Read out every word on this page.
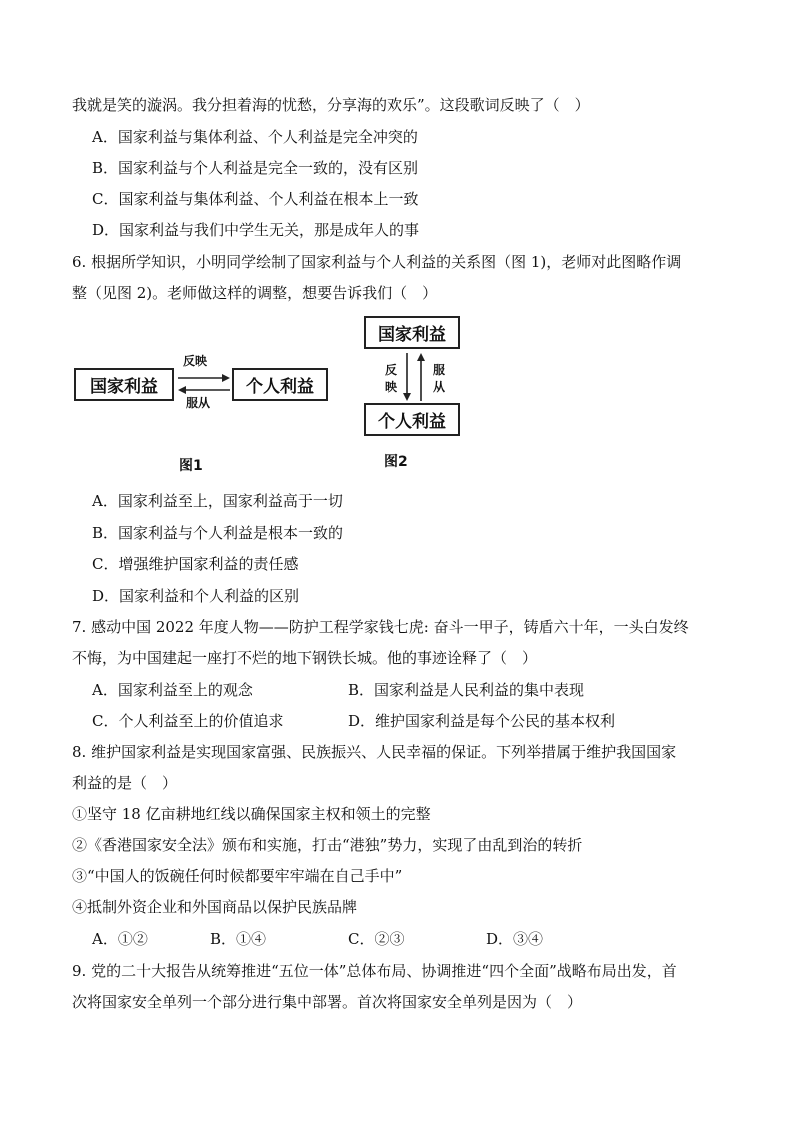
我就是笑的漩涡。我分担着海的忧愁，分享海的欢乐”。这段歌词反映了（　）
A．国家利益与集体利益、个人利益是完全冲突的
B．国家利益与个人利益是完全一致的，没有区别
C．国家利益与集体利益、个人利益在根本上一致
D．国家利益与我们中学生无关，那是成年人的事
6. 根据所学知识，小明同学绘制了国家利益与个人利益的关系图（图 1)，老师对此图略作调
整（见图 2)。老师做这样的调整，想要告诉我们（　）
国家利益	个人利益
反映
服从
图1
国家利益
个人利益
反
映
服
从
图2
A．国家利益至上，国家利益高于一切
B．国家利益与个人利益是根本一致的
C．增强维护国家利益的责任感
D．国家利益和个人利益的区别
7. 感动中国 2022 年度人物——防护工程学家钱七虎: 奋斗一甲子，铸盾六十年，一头白发终
不悔，为中国建起一座打不烂的地下钢铁长城。他的事迹诠释了（　）
A．国家利益至上的观念	B．国家利益是人民利益的集中表现
C．个人利益至上的价值追求	D．维护国家利益是每个公民的基本权利
8. 维护国家利益是实现国家富强、民族振兴、人民幸福的保证。下列举措属于维护我国国家
利益的是（　）
①坚守 18 亿亩耕地红线以确保国家主权和领土的完整
②《香港国家安全法》颁布和实施，打击“港独”势力，实现了由乱到治的转折
③“中国人的饭碗任何时候都要牢牢端在自己手中”
④抵制外资企业和外国商品以保护民族品牌
A．①②	B．①④	C．②③	D．③④
9. 党的二十大报告从统筹推进“五位一体”总体布局、协调推进“四个全面”战略布局出发，首
次将国家安全单列一个部分进行集中部署。首次将国家安全单列是因为（　）
